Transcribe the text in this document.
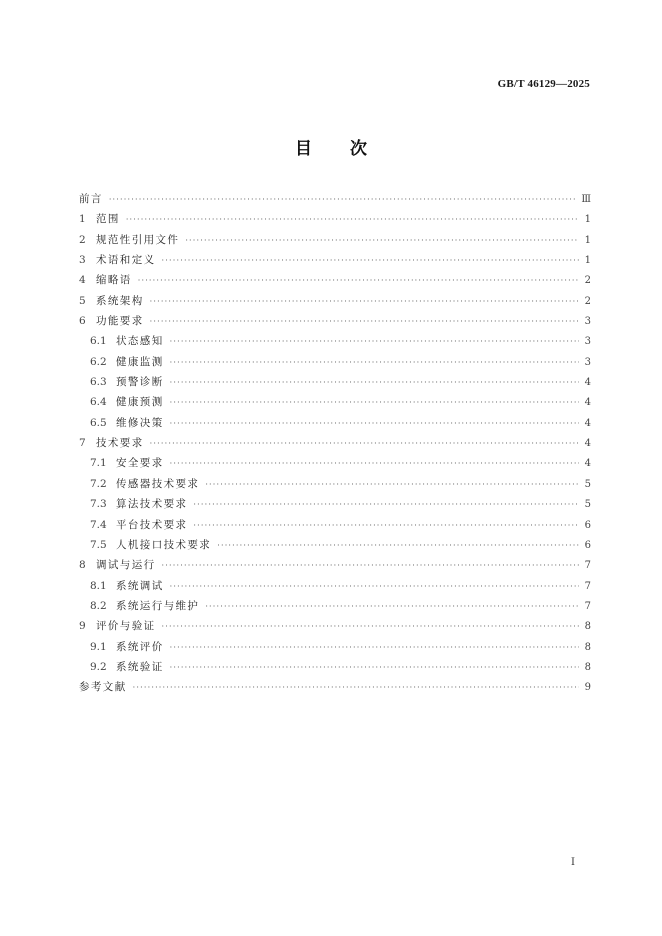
GB/T 46129—2025
目次
前言 ·····	Ⅲ
1 范围 ·····	1
2 规范性引用文件 ·····	1
3 术语和定义 ·····	1
4 缩略语 ·····	2
5 系统架构 ·····	2
6 功能要求 ·····	3
6.1 状态感知 ·····	3
6.2 健康监测 ·····	3
6.3 预警诊断 ·····	4
6.4 健康预测 ·····	4
6.5 维修决策 ·····	4
7 技术要求 ·····	4
7.1 安全要求 ·····	4
7.2 传感器技术要求 ·····	5
7.3 算法技术要求 ·····	5
7.4 平台技术要求 ·····	6
7.5 人机接口技术要求 ·····	6
8 调试与运行 ·····	7
8.1 系统调试 ·····	7
8.2 系统运行与维护 ·····	7
9 评价与验证 ·····	8
9.1 系统评价 ·····	8
9.2 系统验证 ·····	8
参考文献 ·····	9
I
